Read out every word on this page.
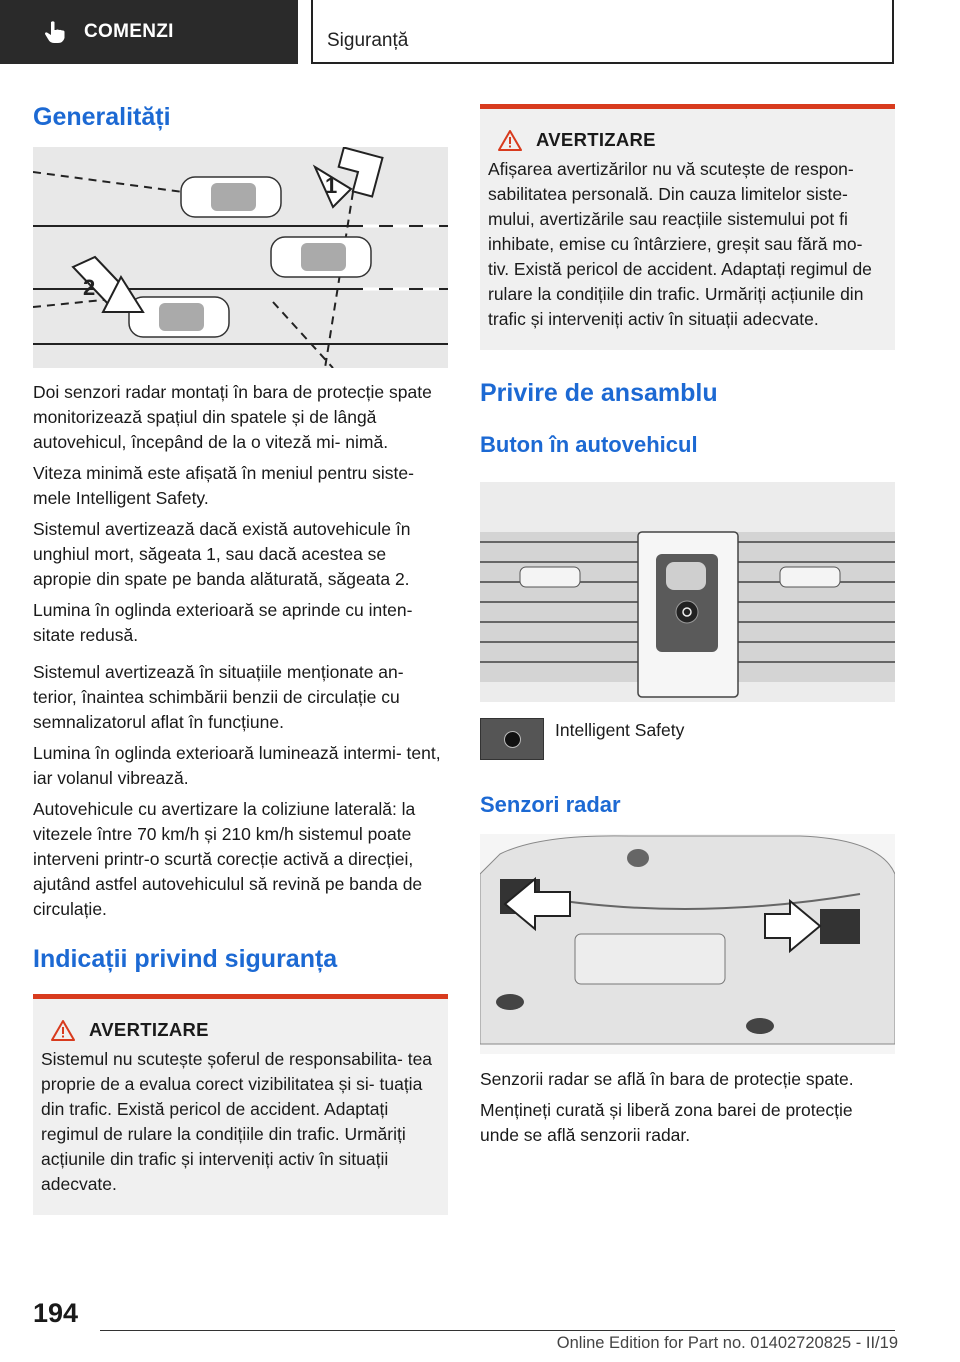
COMENZI	Siguranță
Generalități
1
2

Doi senzori radar montați în bara de protecție spate monitorizează spațiul din spatele și de lângă autovehicul, începând de la o viteză mi- nimă.

Viteza minimă este afișată în meniul pentru siste- mele Intelligent Safety.

Sistemul avertizează dacă există autovehicule în unghiul mort, săgeata 1, sau dacă acestea se apropie din spate pe banda alăturată, săgeata 2.

Lumina în oglinda exterioară se aprinde cu inten- sitate redusă.

Sistemul avertizează în situațiile menționate an- terior, înaintea schimbării benzii de circulație cu semnalizatorul aflat în funcțiune.

Lumina în oglinda exterioară luminează intermi- tent, iar volanul vibrează.

Autovehicule cu avertizare la coliziune laterală: la vitezele între 70 km/h și 210 km/h sistemul poate interveni printr-o scurtă corecție activă a direcției, ajutând astfel autovehiculul să revină pe banda de circulație.

Indicații privind siguranța
AVERTIZARE

Sistemul nu scutește șoferul de responsabilita- tea proprie de a evalua corect vizibilitatea și si- tuația din trafic. Există pericol de accident. Adaptați regimul de rulare la condițiile din trafic. Urmăriți acțiunile din trafic și interveniți activ în situații adecvate.

AVERTIZARE

Afișarea avertizărilor nu vă scutește de respon- sabilitatea personală. Din cauza limitelor siste- mului, avertizările sau reacțiile sistemului pot fi inhibate, emise cu întârziere, greșit sau fără mo- tiv. Există pericol de accident. Adaptați regimul de rulare la condițiile din trafic. Urmăriți acțiunile din trafic și interveniți activ în situații adecvate.

Privire de ansamblu
Buton în autovehicul

Intelligent Safety

Senzori radar

Senzorii radar se află în bara de protecție spate.

Mențineți curată și liberă zona barei de protecție unde se află senzorii radar.

194
Online Edition for Part no. 01402720825 - II/19
